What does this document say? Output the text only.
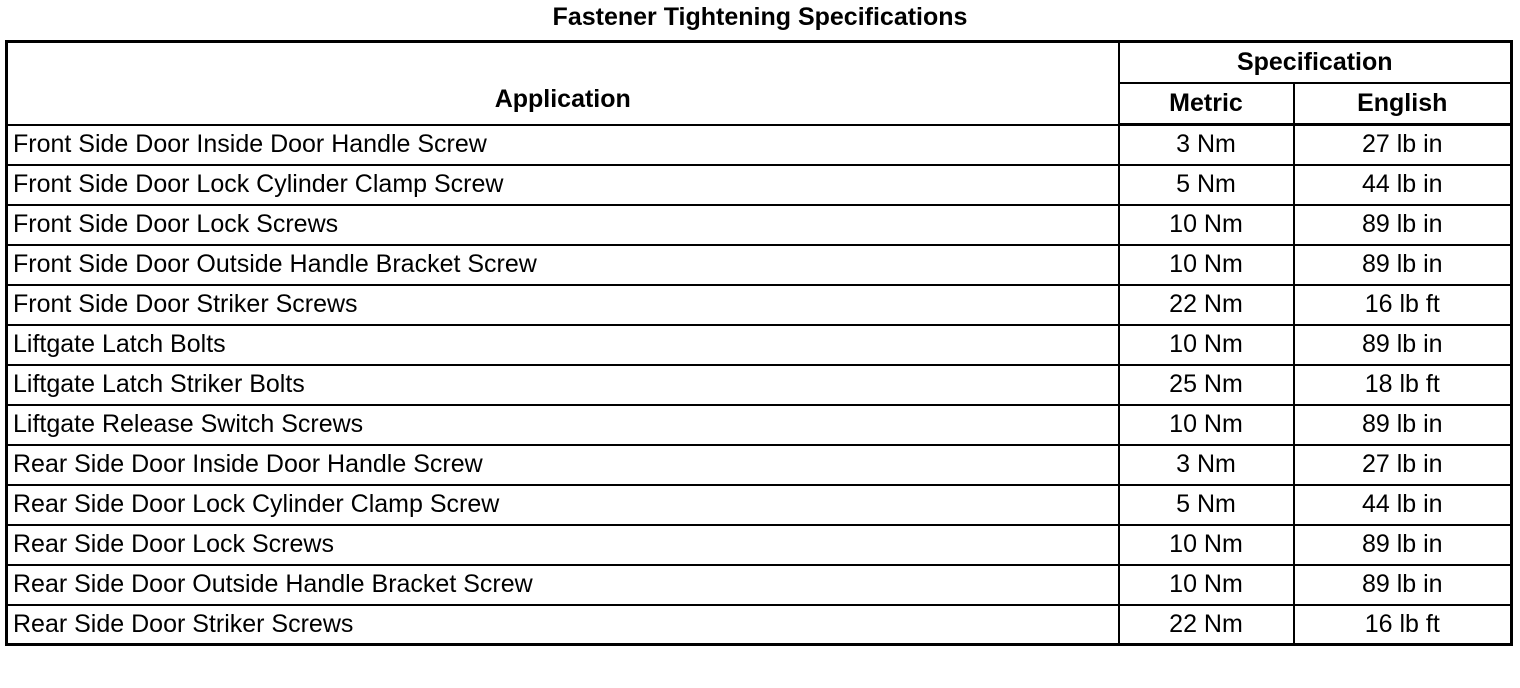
Fastener Tightening Specifications
Application	Specification	
	Metric	English
Front Side Door Inside Door Handle Screw	3 Nm	27 lb in
Front Side Door Lock Cylinder Clamp Screw	5 Nm	44 lb in
Front Side Door Lock Screws	10 Nm	89 lb in
Front Side Door Outside Handle Bracket Screw	10 Nm	89 lb in
Front Side Door Striker Screws	22 Nm	16 lb ft
Liftgate Latch Bolts	10 Nm	89 lb in
Liftgate Latch Striker Bolts	25 Nm	18 lb ft
Liftgate Release Switch Screws	10 Nm	89 lb in
Rear Side Door Inside Door Handle Screw	3 Nm	27 lb in
Rear Side Door Lock Cylinder Clamp Screw	5 Nm	44 lb in
Rear Side Door Lock Screws	10 Nm	89 lb in
Rear Side Door Outside Handle Bracket Screw	10 Nm	89 lb in
Rear Side Door Striker Screws	22 Nm	16 lb ft
